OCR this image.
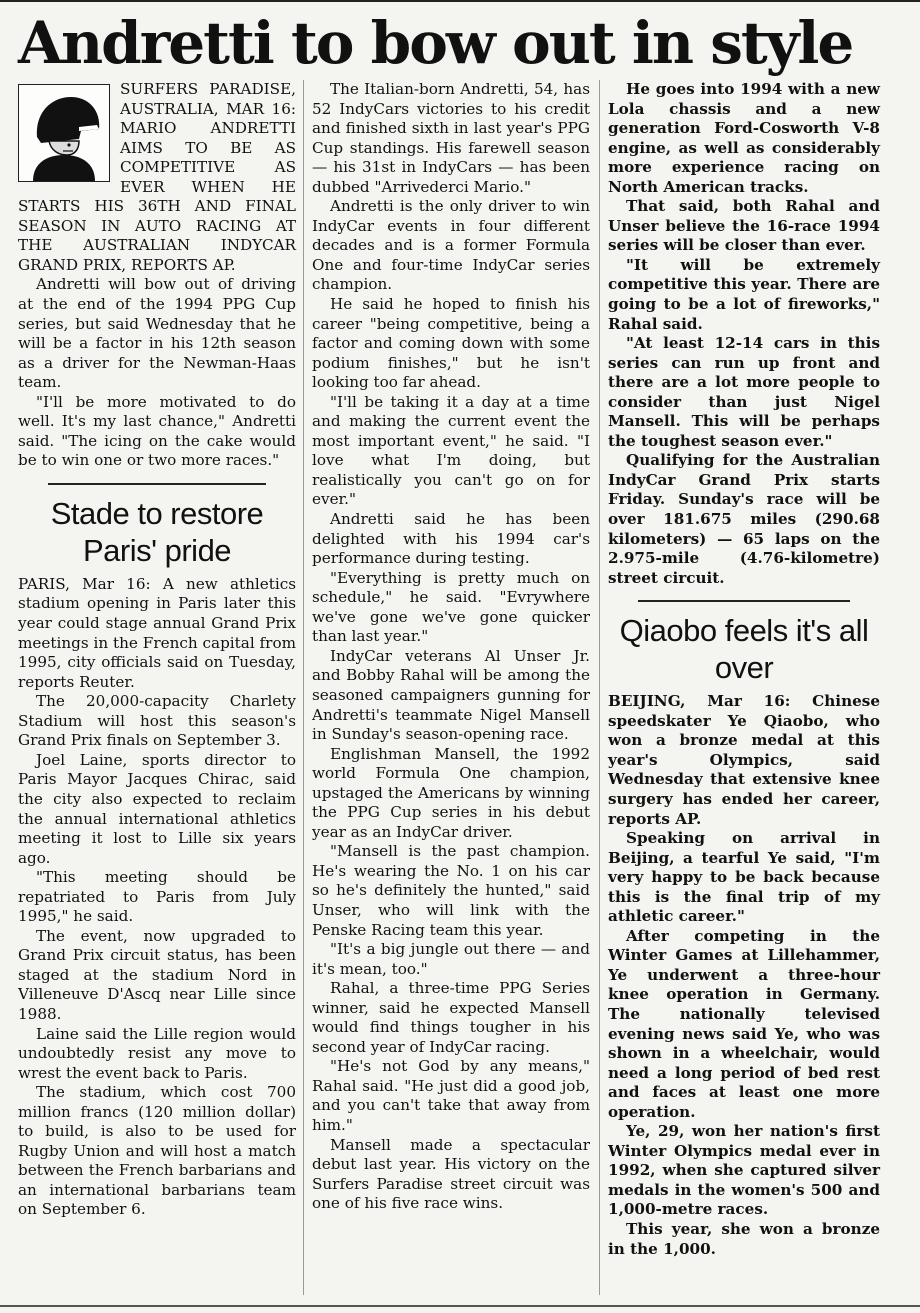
Andretti to bow out in style

SURFERS PARADISE, AUSTRALIA, MAR 16: MARIO ANDRETTI AIMS TO BE AS COMPETITIVE AS EVER WHEN HE STARTS HIS 36TH AND FINAL SEASON IN AUTO RACING AT THE AUSTRALIAN INDYCAR GRAND PRIX, REPORTS AP.

Andretti will bow out of driving at the end of the 1994 PPG Cup series, but said Wednesday that he will be a factor in his 12th season as a driver for the Newman-Haas team.

"I'll be more motivated to do well. It's my last chance," Andretti said. "The icing on the cake would be to win one or two more races."

Stade to restore Paris' pride

PARIS, Mar 16: A new athletics stadium opening in Paris later this year could stage annual Grand Prix meetings in the French capital from 1995, city officials said on Tuesday, reports Reuter.

The 20,000-capacity Charlety Stadium will host this season's Grand Prix finals on September 3.

Joel Laine, sports director to Paris Mayor Jacques Chirac, said the city also expected to reclaim the annual international athletics meeting it lost to Lille six years ago.

"This meeting should be repatriated to Paris from July 1995," he said.

The event, now upgraded to Grand Prix circuit status, has been staged at the stadium Nord in Villeneuve D'Ascq near Lille since 1988.

Laine said the Lille region would undoubtedly resist any move to wrest the event back to Paris.

The stadium, which cost 700 million francs (120 million dollar) to build, is also to be used for Rugby Union and will host a match between the French barbarians and an international barbarians team on September 6.

The Italian-born Andretti, 54, has 52 IndyCars victories to his credit and finished sixth in last year's PPG Cup standings. His farewell season — his 31st in IndyCars — has been dubbed "Arrivederci Mario."

Andretti is the only driver to win IndyCar events in four different decades and is a former Formula One and four-time IndyCar series champion.

He said he hoped to finish his career "being competitive, being a factor and coming down with some podium finishes," but he isn't looking too far ahead.

"I'll be taking it a day at a time and making the current event the most important event," he said. "I love what I'm doing, but realistically you can't go on for ever."

Andretti said he has been delighted with his 1994 car's performance during testing.

"Everything is pretty much on schedule," he said. "Evrywhere we've gone we've gone quicker than last year."

IndyCar veterans Al Unser Jr. and Bobby Rahal will be among the seasoned campaigners gunning for Andretti's teammate Nigel Mansell in Sunday's season-opening race.

Englishman Mansell, the 1992 world Formula One champion, upstaged the Americans by winning the PPG Cup series in his debut year as an IndyCar driver.

"Mansell is the past champion. He's wearing the No. 1 on his car so he's definitely the hunted," said Unser, who will link with the Penske Racing team this year.

"It's a big jungle out there — and it's mean, too."

Rahal, a three-time PPG Series winner, said he expected Mansell would find things tougher in his second year of IndyCar racing.

"He's not God by any means," Rahal said. "He just did a good job, and you can't take that away from him."

Mansell made a spectacular debut last year. His victory on the Surfers Paradise street circuit was one of his five race wins.

He goes into 1994 with a new Lola chassis and a new generation Ford-Cosworth V-8 engine, as well as considerably more experience racing on North American tracks.

That said, both Rahal and Unser believe the 16-race 1994 series will be closer than ever.

"It will be extremely competitive this year. There are going to be a lot of fireworks," Rahal said.

"At least 12-14 cars in this series can run up front and there are a lot more people to consider than just Nigel Mansell. This will be perhaps the toughest season ever."

Qualifying for the Australian IndyCar Grand Prix starts Friday. Sunday's race will be over 181.675 miles (290.68 kilometers) — 65 laps on the 2.975-mile (4.76-kilometre) street circuit.

Qiaobo feels it's all over

BEIJING, Mar 16: Chinese speedskater Ye Qiaobo, who won a bronze medal at this year's Olympics, said Wednesday that extensive knee surgery has ended her career, reports AP.

Speaking on arrival in Beijing, a tearful Ye said, "I'm very happy to be back because this is the final trip of my athletic career."

After competing in the Winter Games at Lillehammer, Ye underwent a three-hour knee operation in Germany. The nationally televised evening news said Ye, who was shown in a wheelchair, would need a long period of bed rest and faces at least one more operation.

Ye, 29, won her nation's first Winter Olympics medal ever in 1992, when she captured silver medals in the women's 500 and 1,000-metre races.

This year, she won a bronze in the 1,000.
